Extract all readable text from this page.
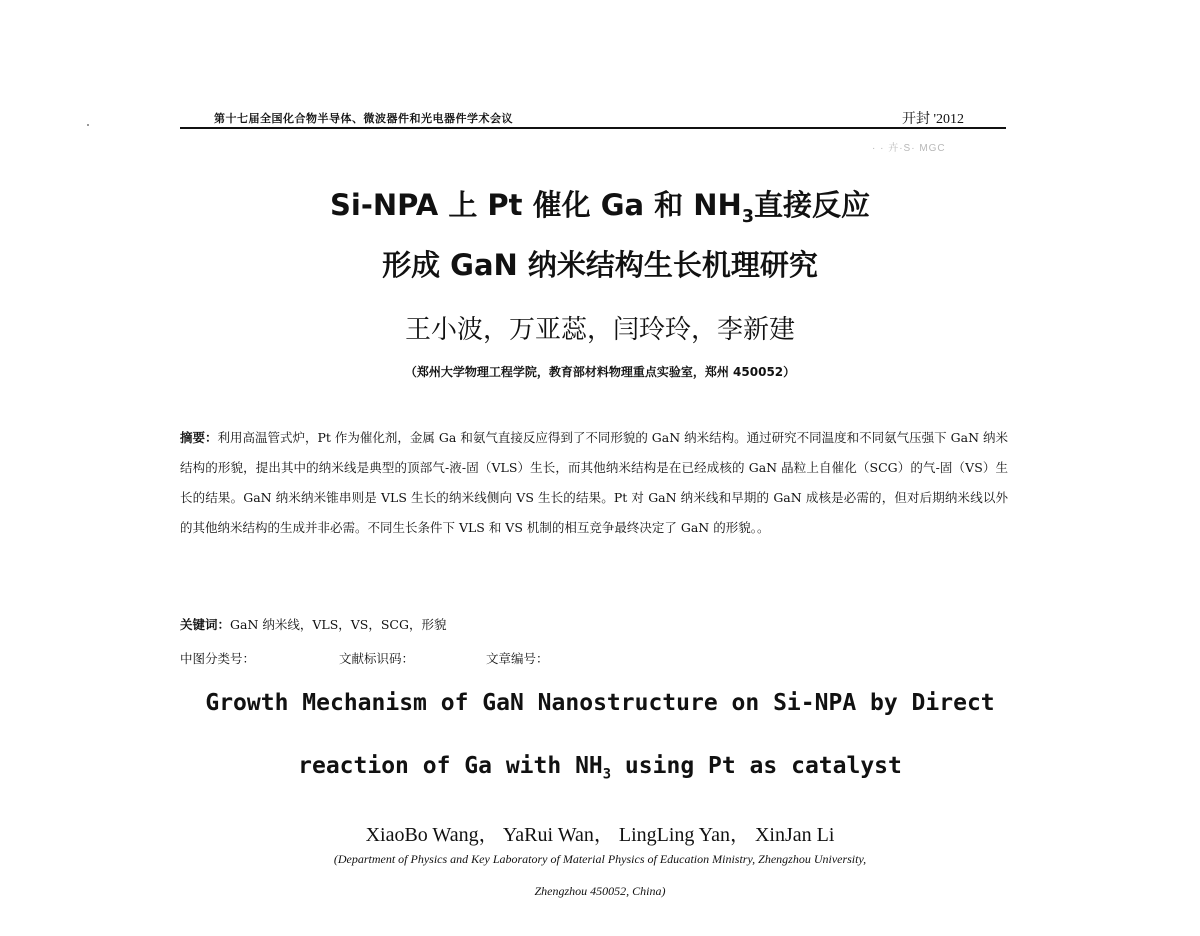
第十七届全国化合物半导体、微波器件和光电器件学术会议	开封 '2012
· · 卉·S· MGC
Si-NPA 上 Pt 催化 Ga 和 $NH_3$直接反应
形成 GaN 纳米结构生长机理研究
王小波，万亚蕊，闫玲玲，李新建
（郑州大学物理工程学院，教育部材料物理重点实验室，郑州 450052）
摘要：利用高温管式炉，Pt 作为催化剂，金属 Ga 和氨气直接反应得到了不同形貌的 GaN 纳米结构。通过研究不同温度和不同氨气压强下 GaN 纳米结构的形貌，提出其中的纳米线是典型的顶部气-液-固（VLS）生长，而其他纳米结构是在已经成核的 GaN 晶粒上自催化（SCG）的气-固（VS）生长的结果。GaN 纳米纳米锥串则是 VLS 生长的纳米线侧向 VS 生长的结果。Pt 对 GaN 纳米线和早期的 GaN 成核是必需的，但对后期纳米线以外的其他纳米结构的生成并非必需。不同生长条件下 VLS 和 VS 机制的相互竞争最终决定了 GaN 的形貌。。
关键词：GaN 纳米线，VLS，VS，SCG，形貌
中图分类号：	文献标识码：	文章编号：
Growth Mechanism of GaN Nanostructure on Si-NPA by Direct
reaction of Ga with $NH_3$ using Pt as catalyst
XiaoBo Wang， YaRui Wan， LingLing Yan， XinJan Li
(Department of Physics and Key Laboratory of Material Physics of Education Ministry, Zhengzhou University,
Zhengzhou 450052, China)
